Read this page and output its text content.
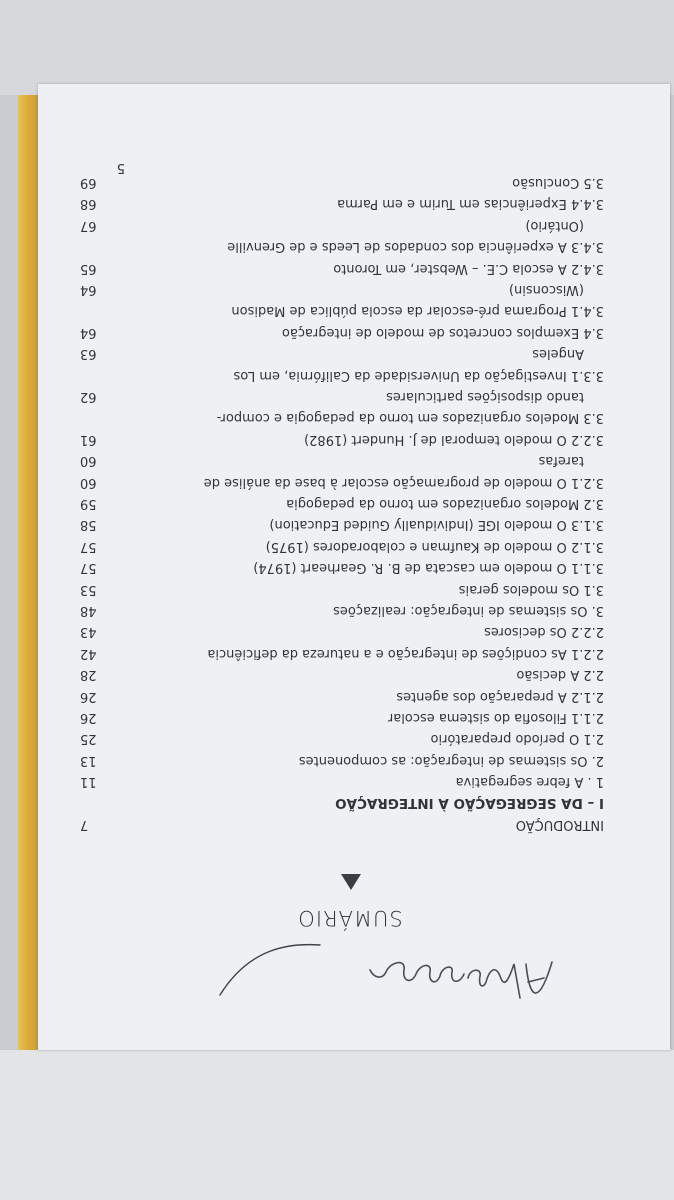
SUMÁRIO
INTRODUÇÃO
7
I – DA SEGREGAÇÃO À INTEGRAÇÃO
1 . A febre segregativa
11
2. Os sistemas de integração: as componentes
13
2.1 O período preparatório
25
2.1.1 Filosofia do sistema escolar
26
2.1.2 A preparação dos agentes
26
2.2 A decisão
28
2.2.1 As condições de integração e a natureza da deficiência
42
2.2.2 Os decisores
43
3. Os sistemas de integração: realizações
48
3.1 Os modelos gerais
53
3.1.1 O modelo em cascata de B. R. Gearheart (1974)
57
3.1.2 O modelo de Kaufman e colaboradores (1975)
57
3.1.3 O modelo IGE (Individually Guided Education)
58
3.2 Modelos organizados em torno da pedagogia
59
3.2.1 O modelo de programação escolar à base da análise de
60
tarefas
60
3.2.2 O modelo temporal de J. Hundert (1982)
61
3.3 Modelos organizados em torno da pedagogia e compor-
tando disposições particulares
62
3.3.1 Investigação da Universidade da Califórnia, em Los
Angeles
63
3.4 Exemplos concretos de modelo de integração
64
3.4.1 Programa pré-escolar da escola pública de Madison
(Wisconsin)
64
3.4.2 A escola C.E. – Webster, em Toronto
65
3.4.3 A experiência dos condados de Leeds e de Grenville
(Ontário)
67
3.4.4 Experiências em Turim e em Parma
68
3.5 Conclusão
69
5
